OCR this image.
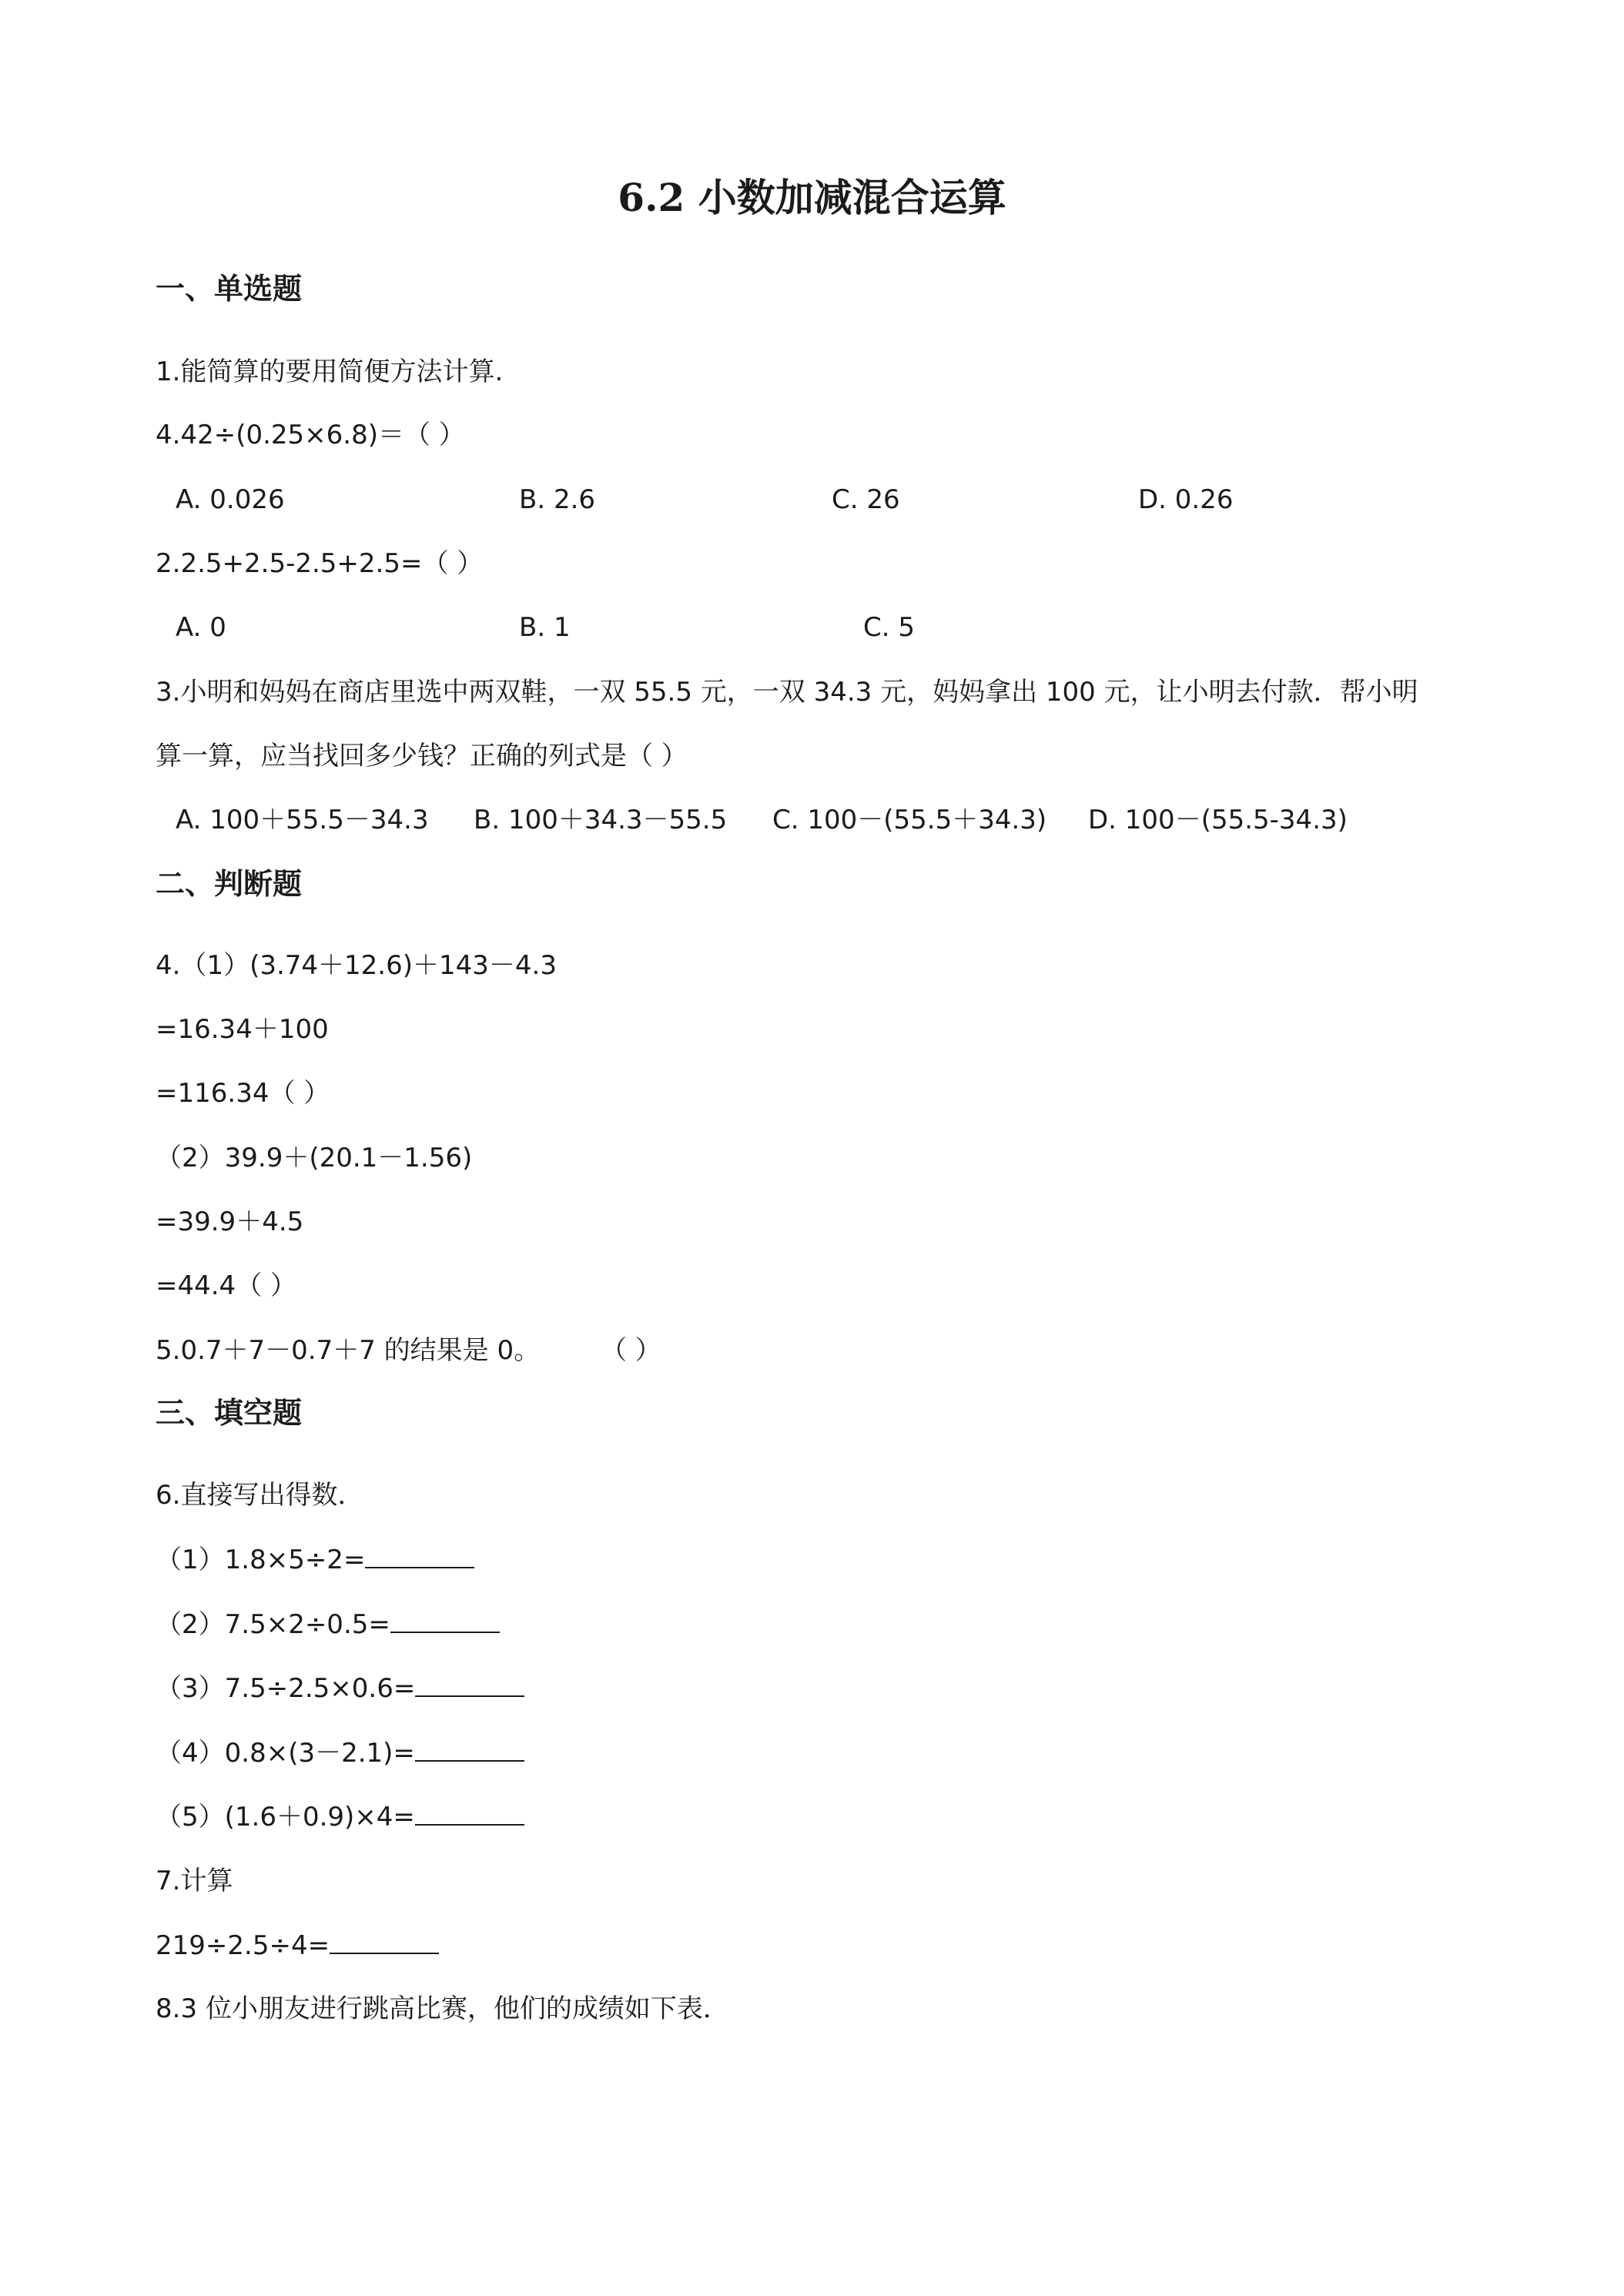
6.2 小数加减混合运算
一、单选题
1.能简算的要用简便方法计算.
4.42÷(0.25×6.8)＝（ ）
A. 0.026	B. 2.6	C. 26	D. 0.26
2.2.5+2.5-2.5+2.5=（ ）
A. 0	B. 1	C. 5
3.小明和妈妈在商店里选中两双鞋，一双 55.5 元，一双 34.3 元，妈妈拿出 100 元，让小明去付款．帮小明
算一算，应当找回多少钱？正确的列式是（ ）
A. 100＋55.5－34.3 B. 100＋34.3－55.5 C. 100－(55.5＋34.3) D. 100－(55.5-34.3)
二、判断题
4.（1）(3.74＋12.6)＋143－4.3
=16.34＋100
=116.34（ ）
（2）39.9＋(20.1－1.56)
=39.9＋4.5
=44.4（ ）
5.0.7＋7－0.7＋7 的结果是 0。 （ ）
三、填空题
6.直接写出得数．
（1）1.8×5÷2=
（2）7.5×2÷0.5=
（3）7.5÷2.5×0.6=
（4）0.8×(3－2.1)=
（5）(1.6＋0.9)×4=
7.计算
219÷2.5÷4=
8.3 位小朋友进行跳高比赛，他们的成绩如下表．
